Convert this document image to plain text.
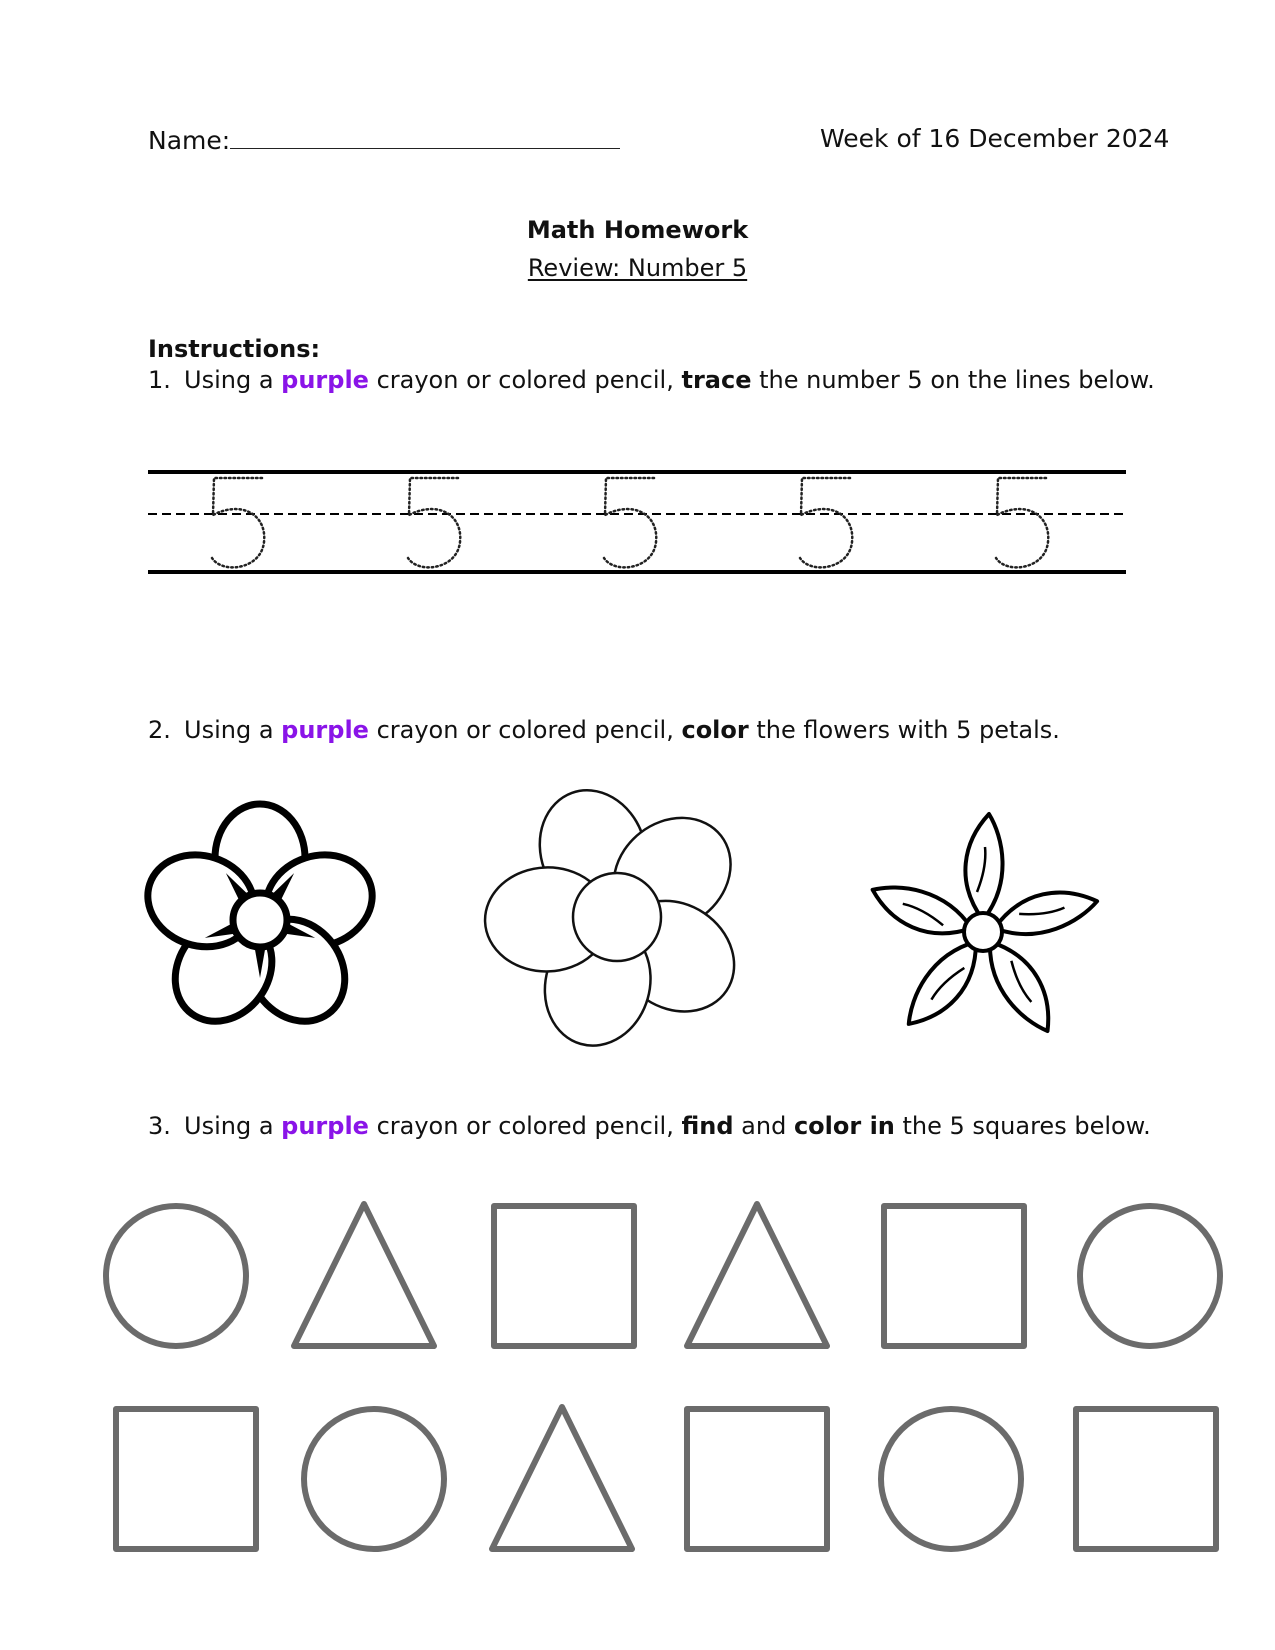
Name:	Week of 16 December 2024
Math Homework
Review: Number 5
Instructions:
1. Using a purple crayon or colored pencil, trace the number 5 on the lines below.
2. Using a purple crayon or colored pencil, color the flowers with 5 petals.
3. Using a purple crayon or colored pencil, find and color in the 5 squares below.
